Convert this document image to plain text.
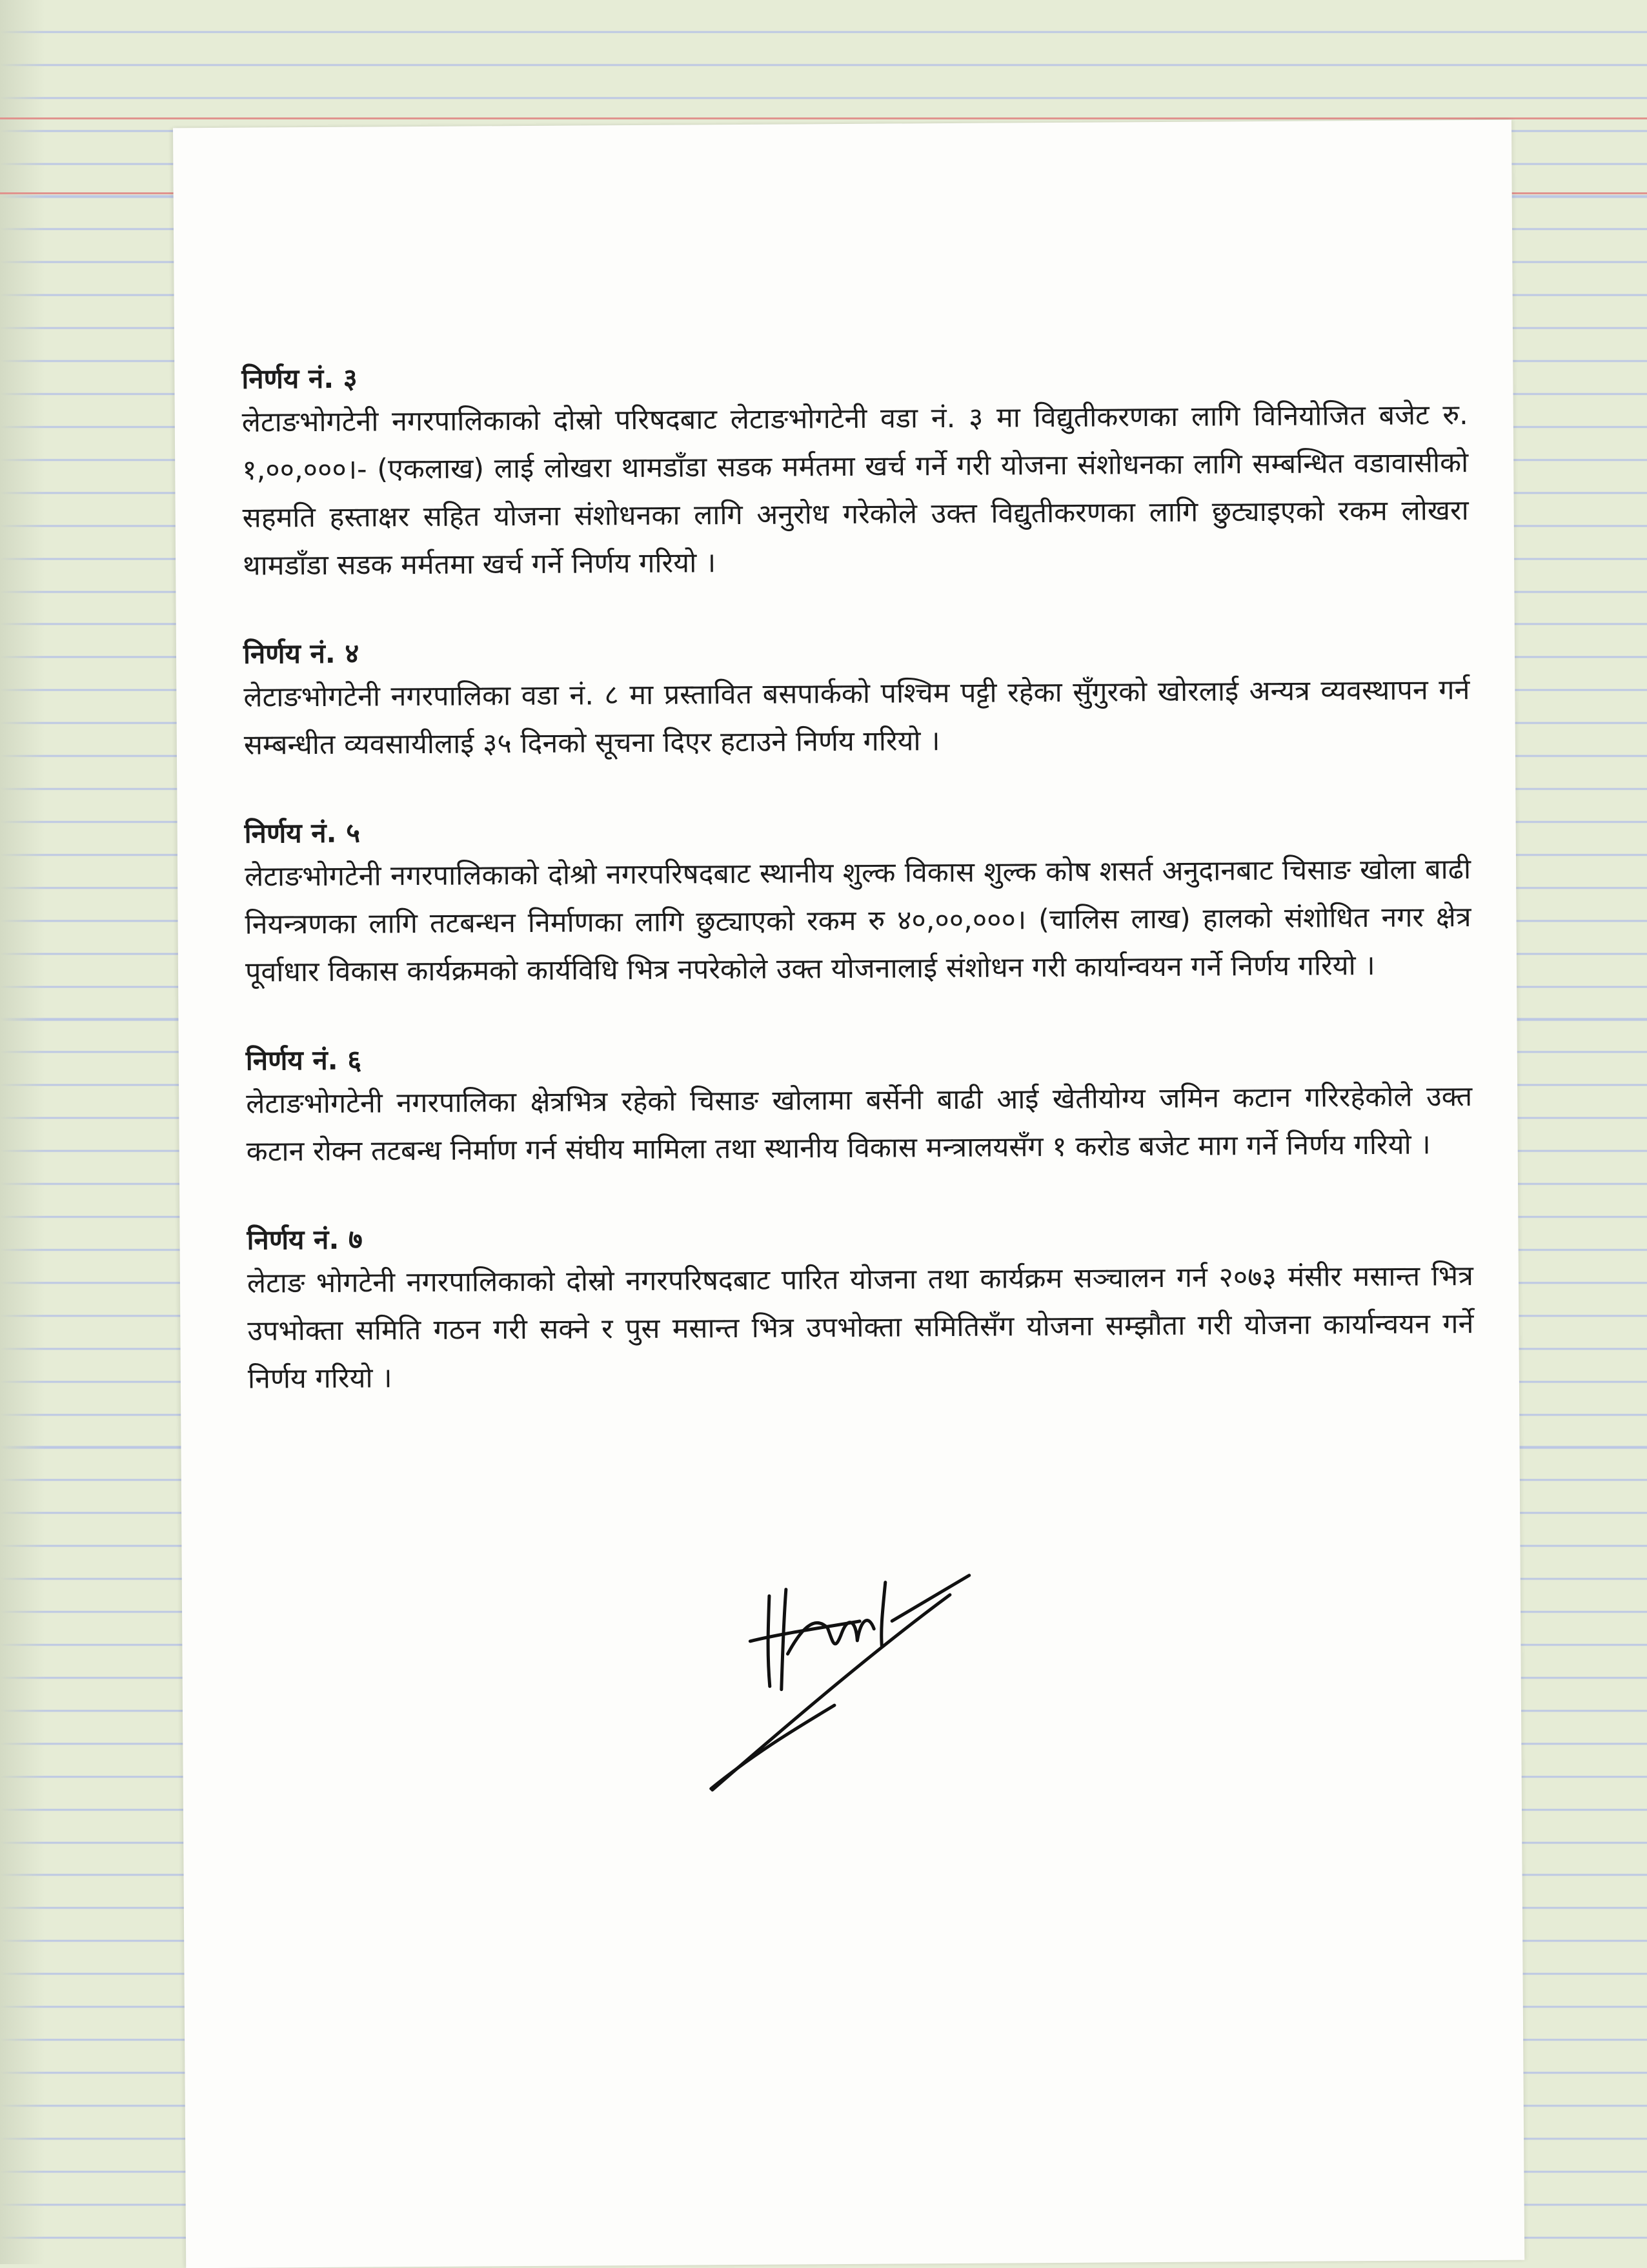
निर्णय नं. ३

लेटाङभोगटेनी नगरपालिकाको दोस्रो परिषदबाट लेटाङभोगटेनी वडा नं. ३ मा विद्युतीकरणका लागि विनियोजित बजेट रु. १,००,०००।- (एकलाख) लाई लोखरा थामडाँडा सडक मर्मतमा खर्च गर्ने गरी योजना संशोधनका लागि सम्बन्धित वडावासीको सहमति हस्ताक्षर सहित योजना संशोधनका लागि अनुरोध गरेकोले उक्त विद्युतीकरणका लागि छुट्याइएको रकम लोखरा थामडाँडा सडक मर्मतमा खर्च गर्ने निर्णय गरियो ।

निर्णय नं. ४

लेटाङभोगटेनी नगरपालिका वडा नं. ८ मा प्रस्तावित बसपार्कको पश्चिम पट्टी रहेका सुँगुरको खोरलाई अन्यत्र व्यवस्थापन गर्न सम्बन्धीत व्यवसायीलाई ३५ दिनको सूचना दिएर हटाउने निर्णय गरियो ।

निर्णय नं. ५

लेटाङभोगटेनी नगरपालिकाको दोश्रो नगरपरिषदबाट स्थानीय शुल्क विकास शुल्क कोष शसर्त अनुदानबाट चिसाङ खोला बाढी नियन्त्रणका लागि तटबन्धन निर्माणका लागि छुट्याएको रकम रु ४०,००,०००। (चालिस लाख) हालको संशोधित नगर क्षेत्र पूर्वाधार विकास कार्यक्रमको कार्यविधि भित्र नपरेकोले उक्त योजनालाई संशोधन गरी कार्यान्वयन गर्ने निर्णय गरियो ।

निर्णय नं. ६

लेटाङभोगटेनी नगरपालिका क्षेत्रभित्र रहेको चिसाङ खोलामा बर्सेनी बाढी आई खेतीयोग्य जमिन कटान गरिरहेकोले उक्त कटान रोक्न तटबन्ध निर्माण गर्न संघीय मामिला तथा स्थानीय विकास मन्त्रालयसँग १ करोड बजेट माग गर्ने निर्णय गरियो ।

निर्णय नं. ७

लेटाङ भोगटेनी नगरपालिकाको दोस्रो नगरपरिषदबाट पारित योजना तथा कार्यक्रम सञ्चालन गर्न २०७३ मंसीर मसान्त भित्र उपभोक्ता समिति गठन गरी सक्ने र पुस मसान्त भित्र उपभोक्ता समितिसँग योजना सम्झौता गरी योजना कार्यान्वयन गर्ने निर्णय गरियो ।
